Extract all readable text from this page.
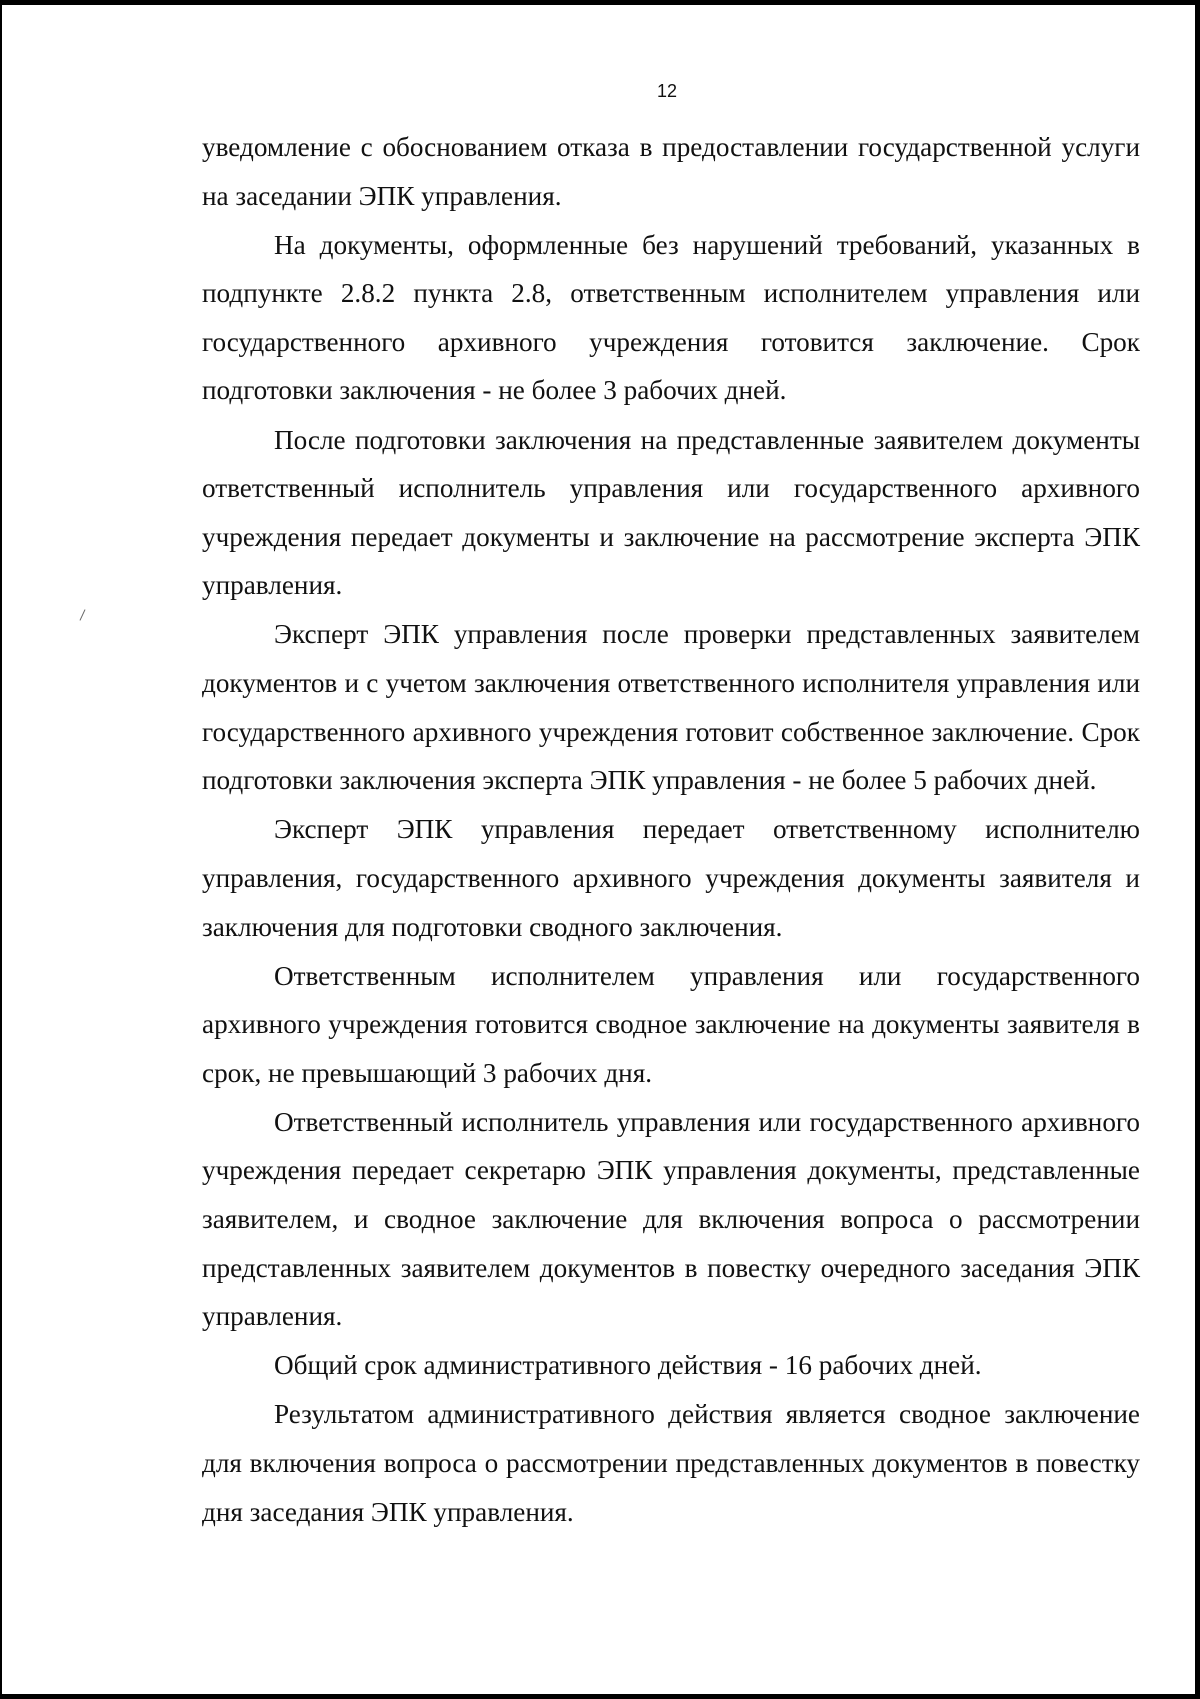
12

уведомление с обоснованием отказа в предоставлении государственной услуги на заседании ЭПК управления.

На документы, оформленные без нарушений требований, указанных в подпункте 2.8.2 пункта 2.8, ответственным исполнителем управления или государственного архивного учреждения готовится заключение. Срок подготовки заключения - не более 3 рабочих дней.

После подготовки заключения на представленные заявителем документы ответственный исполнитель управления или государственного архивного учреждения передает документы и заключение на рассмотрение эксперта ЭПК управления.

Эксперт ЭПК управления после проверки представленных заявителем документов и с учетом заключения ответственного исполнителя управления или государственного архивного учреждения готовит собственное заключение. Срок подготовки заключения эксперта ЭПК управления - не более 5 рабочих дней.

Эксперт ЭПК управления передает ответственному исполнителю управления, государственного архивного учреждения документы заявителя и заключения для подготовки сводного заключения.

Ответственным исполнителем управления или государственного архивного учреждения готовится сводное заключение на документы заявителя в срок, не превышающий 3 рабочих дня.

Ответственный исполнитель управления или государственного архивного учреждения передает секретарю ЭПК управления документы, представленные заявителем, и сводное заключение для включения вопроса о рассмотрении представленных заявителем документов в повестку очередного заседания ЭПК управления.

Общий срок административного действия - 16 рабочих дней.

Результатом административного действия является сводное заключение для включения вопроса о рассмотрении представленных документов в повестку дня заседания ЭПК управления.
